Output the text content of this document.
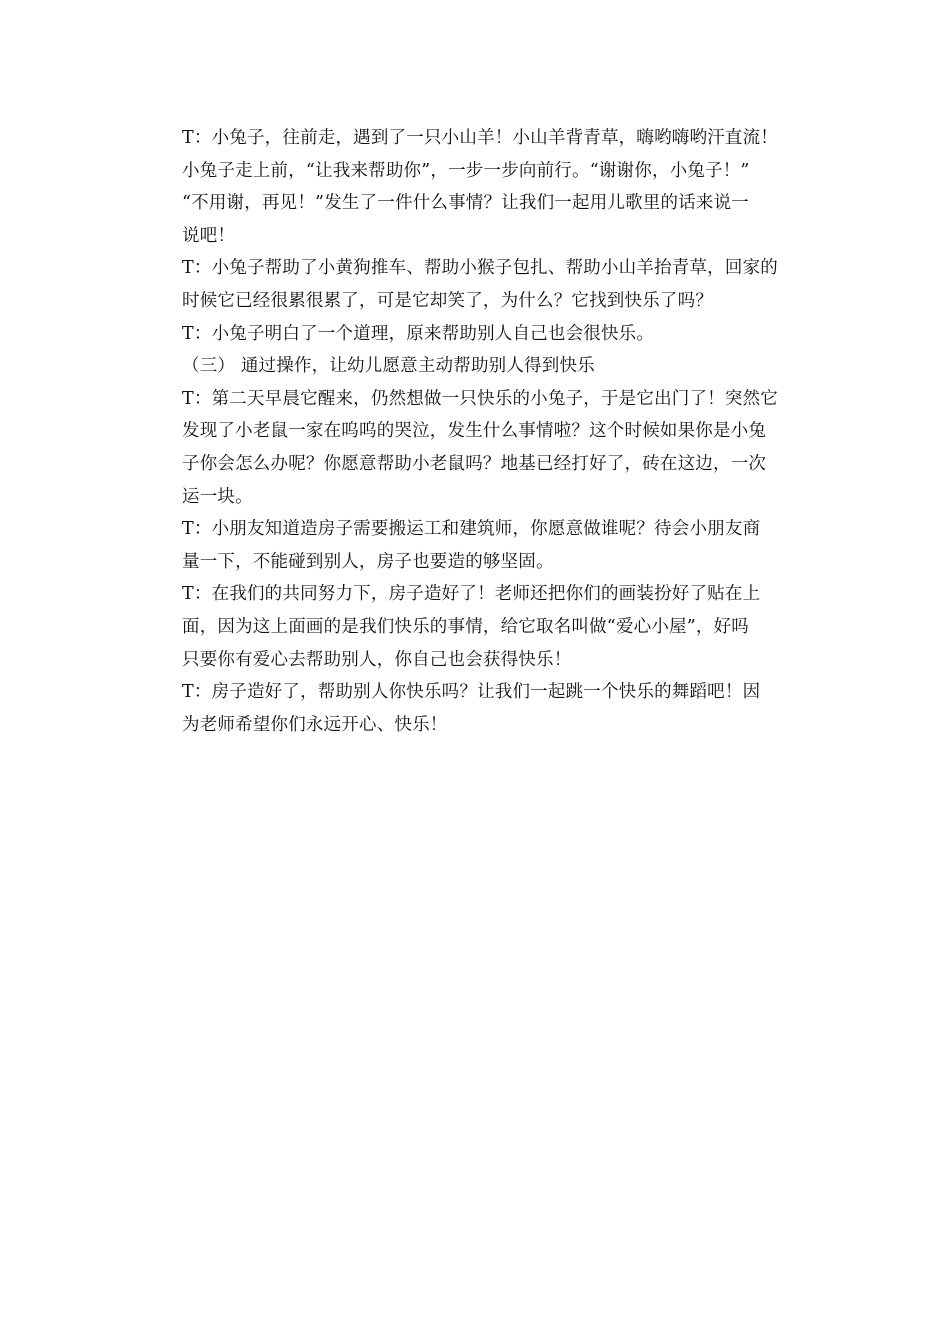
T：小兔子，往前走，遇到了一只小山羊！小山羊背青草，嗨哟嗨哟汗直流！
小兔子走上前，“让我来帮助你”，一步一步向前行。“谢谢你，小兔子！”
“不用谢，再见！”发生了一件什么事情？让我们一起用儿歌里的话来说一
说吧！
T：小兔子帮助了小黄狗推车、帮助小猴子包扎、帮助小山羊抬青草，回家的
时候它已经很累很累了，可是它却笑了，为什么？它找到快乐了吗？
T：小兔子明白了一个道理，原来帮助别人自己也会很快乐。
（三） 通过操作，让幼儿愿意主动帮助别人得到快乐
T：第二天早晨它醒来，仍然想做一只快乐的小兔子，于是它出门了！突然它
发现了小老鼠一家在呜呜的哭泣，发生什么事情啦？这个时候如果你是小兔
子你会怎么办呢？你愿意帮助小老鼠吗？地基已经打好了，砖在这边，一次
运一块。
T：小朋友知道造房子需要搬运工和建筑师，你愿意做谁呢？待会小朋友商
量一下，不能碰到别人，房子也要造的够坚固。
T：在我们的共同努力下，房子造好了！老师还把你们的画装扮好了贴在上
面，因为这上面画的是我们快乐的事情，给它取名叫做“爱心小屋”，好吗
只要你有爱心去帮助别人，你自己也会获得快乐！
T：房子造好了，帮助别人你快乐吗？让我们一起跳一个快乐的舞蹈吧！因
为老师希望你们永远开心、快乐！
